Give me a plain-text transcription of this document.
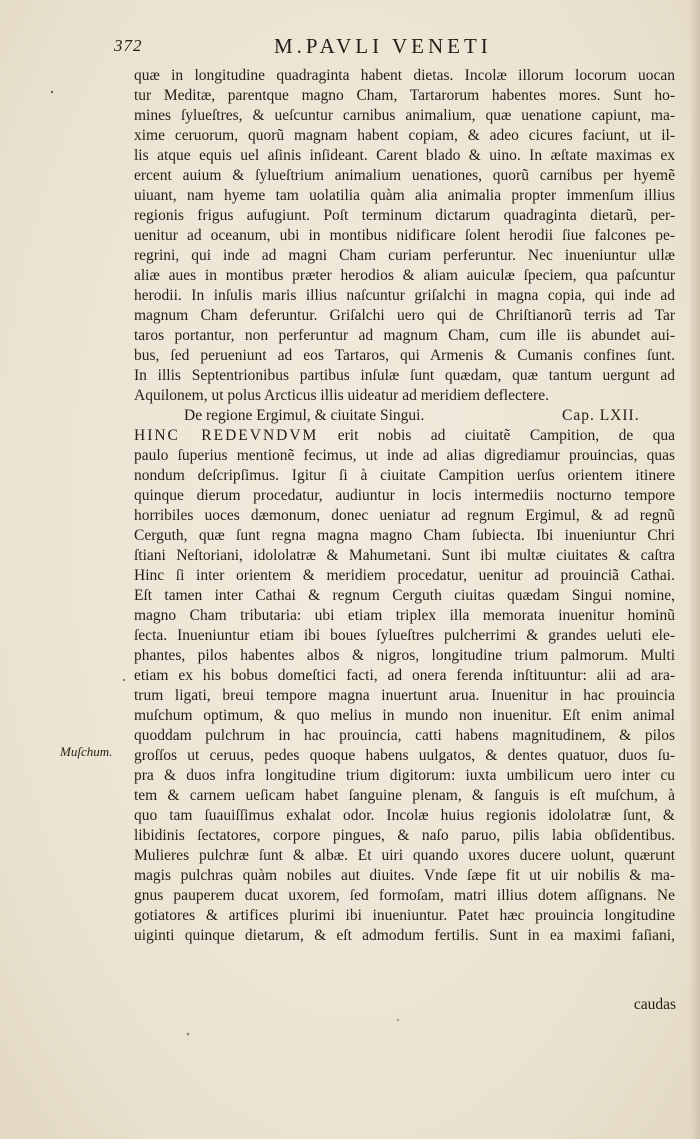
372	M.PAVLI VENETI
quæ in longitudine quadraginta habent dietas. Incolæ illorum locorum uocan
tur Meditæ, parentque magno Cham, Tartarorum habentes mores. Sunt ho-
mines ſylueſtres, & ueſcuntur carnibus animalium, quæ uenatione capiunt, ma-
xime ceruorum, quorũ magnam habent copiam, & adeo cicures faciunt, ut il-
lis atque equis uel aſinis inſideant. Carent blado & uino. In æſtate maximas ex
ercent auium & ſylueſtrium animalium uenationes, quorũ carnibus per hyemẽ
uiuant, nam hyeme tam uolatilia quàm alia animalia propter immenſum illius
regionis frigus aufugiunt. Poſt terminum dictarum quadraginta dietarũ, per-
uenitur ad oceanum, ubi in montibus nidificare ſolent herodii ſiue falcones pe-
regrini, qui inde ad magni Cham curiam perferuntur. Nec inueniuntur ullæ
aliæ aues in montibus præter herodios & aliam auiculæ ſpeciem, qua paſcuntur
herodii. In inſulis maris illius naſcuntur griſalchi in magna copia, qui inde ad
magnum Cham deferuntur. Griſalchi uero qui de Chriſtianorũ terris ad Tar
taros portantur, non perferuntur ad magnum Cham, cum ille iis abundet aui-
bus, ſed perueniunt ad eos Tartaros, qui Armenis & Cumanis confines ſunt.
In illis Septentrionibus partibus inſulæ ſunt quædam, quæ tantum uergunt ad
Aquilonem, ut polus Arcticus illis uideatur ad meridiem deflectere.
De regione Ergimul, & ciuitate Singui.	Cap. LXII.
HINC REDEVNDVM erit nobis ad ciuitatẽ Campition, de qua
paulo ſuperius mentionẽ fecimus, ut inde ad alias digrediamur prouincias, quas
nondum deſcripſimus. Igitur ſi à ciuitate Campition uerſus orientem itinere
quinque dierum procedatur, audiuntur in locis intermediis nocturno tempore
horribiles uoces dæmonum, donec ueniatur ad regnum Ergimul, & ad regnũ
Cerguth, quæ ſunt regna magna magno Cham ſubiecta. Ibi inueniuntur Chri
ſtiani Neſtoriani, idololatræ & Mahumetani. Sunt ibi multæ ciuitates & caſtra
Hinc ſi inter orientem & meridiem procedatur, uenitur ad prouinciã Cathai.
Eſt tamen inter Cathai & regnum Cerguth ciuitas quædam Singui nomine,
magno Cham tributaria: ubi etiam triplex illa memorata inuenitur hominũ
ſecta. Inueniuntur etiam ibi boues ſylueſtres pulcherrimi & grandes ueluti ele-
phantes, pilos habentes albos & nigros, longitudine trium palmorum. Multi
etiam ex his bobus domeſtici facti, ad onera ferenda inſtituuntur: alii ad ara-
trum ligati, breui tempore magna inuertunt arua. Inuenitur in hac prouincia
muſchum optimum, & quo melius in mundo non inuenitur. Eſt enim animal
quoddam pulchrum in hac prouincia, catti habens magnitudinem, & pilos
groſſos ut ceruus, pedes quoque habens uulgatos, & dentes quatuor, duos ſu-
pra & duos infra longitudine trium digitorum: iuxta umbilicum uero inter cu
tem & carnem ueſicam habet ſanguine plenam, & ſanguis is eſt muſchum, à
quo tam ſuauiſſimus exhalat odor. Incolæ huius regionis idololatræ ſunt, &
libidinis ſectatores, corpore pingues, & naſo paruo, pilis labia obſidentibus.
Mulieres pulchræ ſunt & albæ. Et uiri quando uxores ducere uolunt, quærunt
magis pulchras quàm nobiles aut diuites. Vnde ſæpe fit ut uir nobilis & ma-
gnus pauperem ducat uxorem, ſed formoſam, matri illius dotem aſſignans. Ne
gotiatores & artifices plurimi ibi inueniuntur. Patet hæc prouincia longitudine
uiginti quinque dietarum, & eſt admodum fertilis. Sunt in ea maximi faſiani,
Muſchum.
caudas
